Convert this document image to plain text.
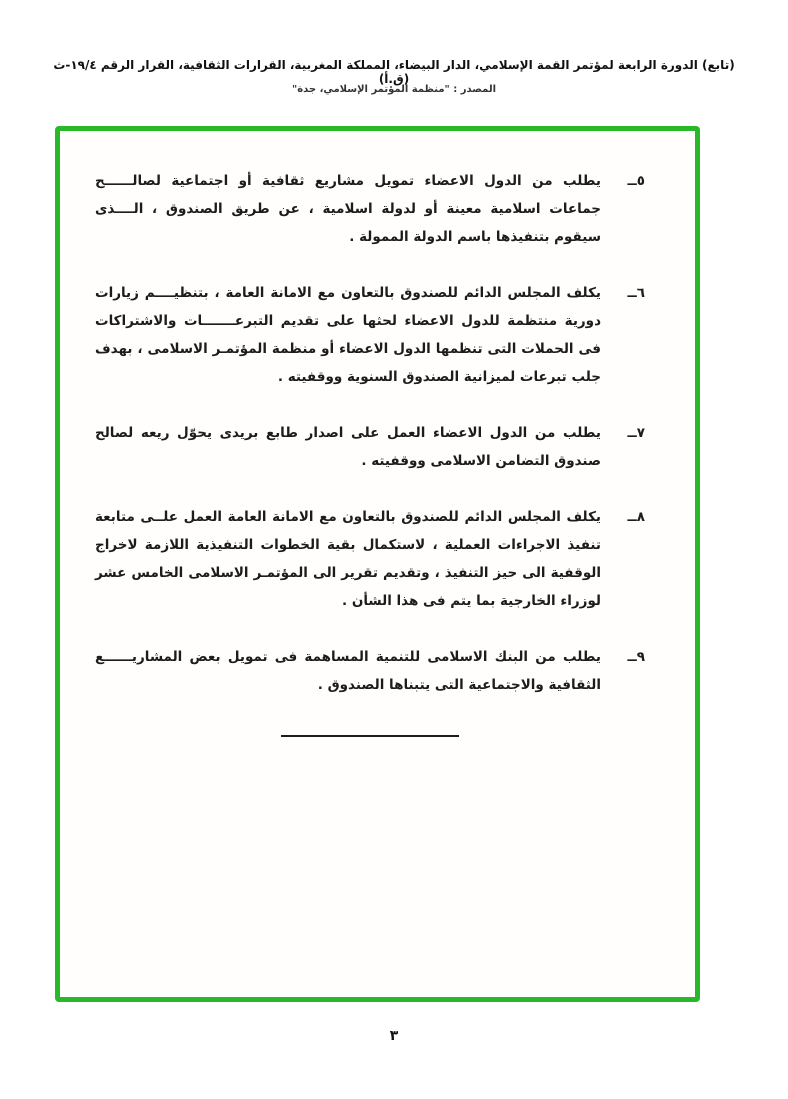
(تابع) الدورة الرابعة لمؤتمر القمة الإسلامي، الدار البيضاء، المملكة المغربية، القرارات الثقافية، القرار الرقم ١٩/٤-ث (ق.أ)
المصدر : "منظمة المؤتمر الإسلامي، جدة"
٥ــ
يطلب من الدول الاعضاء تمويل مشاريع ثقافية أو اجتماعية لصالــــــح جماعات اسلامية معينة أو لدولة اسلامية ، عن طريق الصندوق ، الــــذى سيقوم بتنفيذها باسم الدولة الممولة .
٦ــ
يكلف المجلس الدائم للصندوق بالتعاون مع الامانة العامة ، بتنظيــــم زيارات دورية منتظمة للدول الاعضاء لحثها على تقديم التبرعـــــــات والاشتراكات فى الحملات التى تنظمها الدول الاعضاء أو منظمة المؤتمـر الاسلامى ، بهدف جلب تبرعات لميزانية الصندوق السنوية ووقفيته .
٧ــ
يطلب من الدول الاعضاء العمل على اصدار طابع بريدى يحوّل ريعه لصالح صندوق التضامن الاسلامى ووقفيته .
٨ــ
يكلف المجلس الدائم للصندوق بالتعاون مع الامانة العامة العمل علــى متابعة تنفيذ الاجراءات العملية ، لاستكمال بقية الخطوات التنفيذية اللازمة لاخراج الوقفية الى حيز التنفيذ ، وتقديم تقرير الى المؤتمـر الاسلامى الخامس عشر لوزراء الخارجية بما يتم فى هذا الشأن .
٩ــ
يطلب من البنك الاسلامى للتنمية المساهمة فى تمويل بعض المشاريــــــع الثقافية والاجتماعية التى يتبناها الصندوق .
٣
